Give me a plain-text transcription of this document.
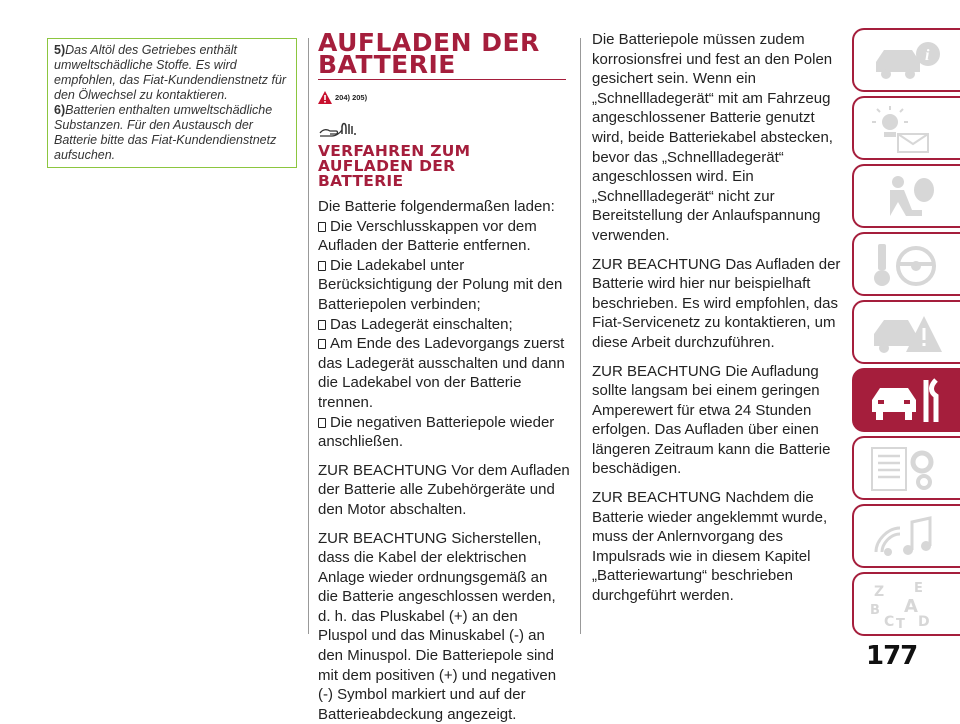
5)Das Altöl des Getriebes enthält umweltschädliche Stoffe. Es wird empfohlen, das Fiat-Kundendienstnetz für den Ölwechsel zu kontaktieren.
6)Batterien enthalten umweltschädliche Substanzen. Für den Austausch der Batterie bitte das Fiat-Kundendienstnetz aufsuchen.
AUFLADEN DER
BATTERIE
204) 205)
VERFAHREN ZUM
AUFLADEN DER
BATTERIE

Die Batterie folgendermaßen laden:

Die Verschlusskappen vor dem Aufladen der Batterie entfernen.

Die Ladekabel unter Berücksichtigung der Polung mit den Batteriepolen verbinden;

Das Ladegerät einschalten;

Am Ende des Ladevorgangs zuerst das Ladegerät ausschalten und dann die Ladekabel von der Batterie trennen.

Die negativen Batteriepole wieder anschließen.

ZUR BEACHTUNG Vor dem Aufladen der Batterie alle Zubehörgeräte und den Motor abschalten.

ZUR BEACHTUNG Sicherstellen, dass die Kabel der elektrischen Anlage wieder ordnungsgemäß an die Batterie angeschlossen werden, d. h. das Pluskabel (+) an den Pluspol und das Minuskabel (-) an den Minuspol. Die Batteriepole sind mit dem positiven (+) und negativen (-) Symbol markiert und auf der Batterieabdeckung angezeigt.

Die Batteriepole müssen zudem korrosionsfrei und fest an den Polen gesichert sein. Wenn ein „Schnellladegerät“ mit am Fahrzeug angeschlossener Batterie genutzt wird, beide Batteriekabel abstecken, bevor das „Schnellladegerät“ angeschlossen wird. Ein „Schnellladegerät“ nicht zur Bereitstellung der Anlaufspannung verwenden.

ZUR BEACHTUNG Das Aufladen der Batterie wird hier nur beispielhaft beschrieben. Es wird empfohlen, das Fiat-Servicenetz zu kontaktieren, um diese Arbeit durchzuführen.

ZUR BEACHTUNG Die Aufladung sollte langsam bei einem geringen Amperewert für etwa 24 Stunden erfolgen. Das Aufladen über einen längeren Zeitraum kann die Batterie beschädigen.

ZUR BEACHTUNG Nachdem die Batterie wieder angeklemmt wurde, muss der Anlernvorgang des Impulsrads wie in diesem Kapitel „Batteriewartung“ beschrieben durchgeführt werden.

i
Z E
A
B
C T D
177
